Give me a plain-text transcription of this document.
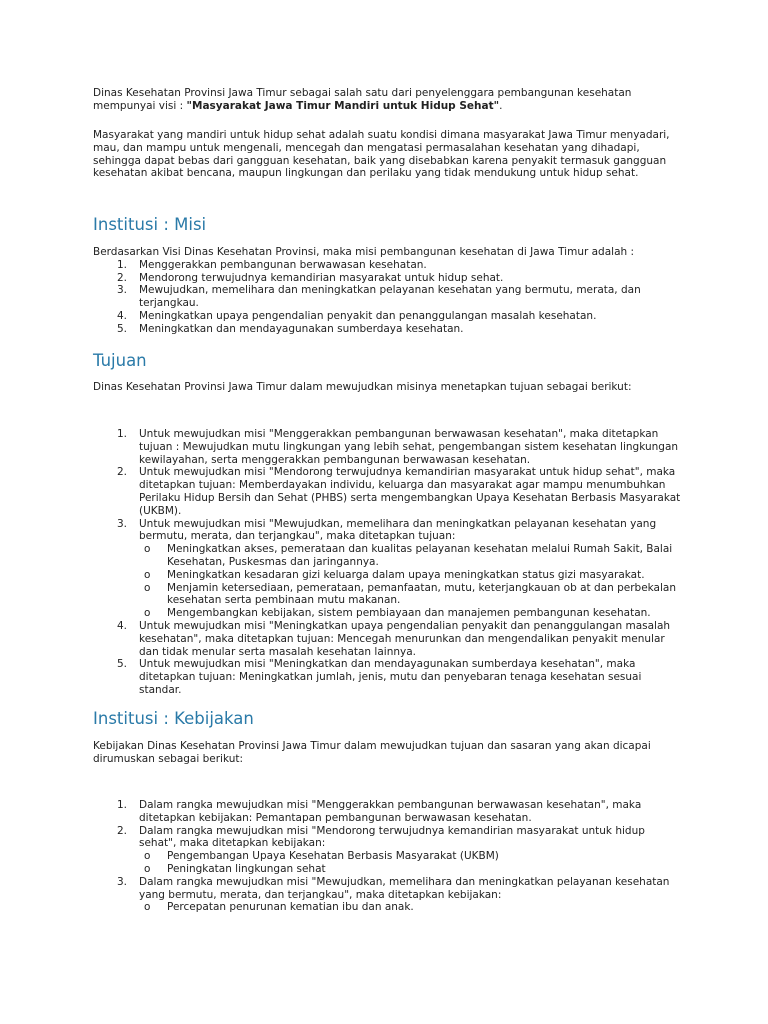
Dinas Kesehatan Provinsi Jawa Timur sebagai salah satu dari penyelenggara pembangunan kesehatan mempunyai visi : "Masyarakat Jawa Timur Mandiri untuk Hidup Sehat".

Masyarakat yang mandiri untuk hidup sehat adalah suatu kondisi dimana masyarakat Jawa Timur menyadari, mau, dan mampu untuk mengenali, mencegah dan mengatasi permasalahan kesehatan yang dihadapi, sehingga dapat bebas dari gangguan kesehatan, baik yang disebabkan karena penyakit termasuk gangguan kesehatan akibat bencana, maupun lingkungan dan perilaku yang tidak mendukung untuk hidup sehat.

Institusi : Misi

Berdasarkan Visi Dinas Kesehatan Provinsi, maka misi pembangunan kesehatan di Jawa Timur adalah :

1. Menggerakkan pembangunan berwawasan kesehatan.
2. Mendorong terwujudnya kemandirian masyarakat untuk hidup sehat.
3. Mewujudkan, memelihara dan meningkatkan pelayanan kesehatan yang bermutu, merata, dan terjangkau.
4. Meningkatkan upaya pengendalian penyakit dan penanggulangan masalah kesehatan.
5. Meningkatkan dan mendayagunakan sumberdaya kesehatan.
Tujuan

Dinas Kesehatan Provinsi Jawa Timur dalam mewujudkan misinya menetapkan tujuan sebagai berikut:

1. Untuk mewujudkan misi "Menggerakkan pembangunan berwawasan kesehatan", maka ditetapkan tujuan : Mewujudkan mutu lingkungan yang lebih sehat, pengembangan sistem kesehatan lingkungan kewilayahan, serta menggerakkan pembangunan berwawasan kesehatan.
2. Untuk mewujudkan misi "Mendorong terwujudnya kemandirian masyarakat untuk hidup sehat", maka ditetapkan tujuan: Memberdayakan individu, keluarga dan masyarakat agar mampu menumbuhkan Perilaku Hidup Bersih dan Sehat (PHBS) serta mengembangkan Upaya Kesehatan Berbasis Masyarakat (UKBM).
3. Untuk mewujudkan misi "Mewujudkan, memelihara dan meningkatkan pelayanan kesehatan yang bermutu, merata, dan terjangkau", maka ditetapkan tujuan:
o Meningkatkan akses, pemerataan dan kualitas pelayanan kesehatan melalui Rumah Sakit, Balai Kesehatan, Puskesmas dan jaringannya.
o Meningkatkan kesadaran gizi keluarga dalam upaya meningkatkan status gizi masyarakat.
o Menjamin ketersediaan, pemerataan, pemanfaatan, mutu, keterjangkauan ob at dan perbekalan kesehatan serta pembinaan mutu makanan.
o Mengembangkan kebijakan, sistem pembiayaan dan manajemen pembangunan kesehatan.
4. Untuk mewujudkan misi "Meningkatkan upaya pengendalian penyakit dan penanggulangan masalah kesehatan", maka ditetapkan tujuan: Mencegah menurunkan dan mengendalikan penyakit menular dan tidak menular serta masalah kesehatan lainnya.
5. Untuk mewujudkan misi "Meningkatkan dan mendayagunakan sumberdaya kesehatan", maka ditetapkan tujuan: Meningkatkan jumlah, jenis, mutu dan penyebaran tenaga kesehatan sesuai standar.
Institusi : Kebijakan

Kebijakan Dinas Kesehatan Provinsi Jawa Timur dalam mewujudkan tujuan dan sasaran yang akan dicapai dirumuskan sebagai berikut:

1. Dalam rangka mewujudkan misi "Menggerakkan pembangunan berwawasan kesehatan", maka ditetapkan kebijakan: Pemantapan pembangunan berwawasan kesehatan.
2. Dalam rangka mewujudkan misi "Mendorong terwujudnya kemandirian masyarakat untuk hidup sehat", maka ditetapkan kebijakan:
o Pengembangan Upaya Kesehatan Berbasis Masyarakat (UKBM)
o Peningkatan lingkungan sehat
3. Dalam rangka mewujudkan misi "Mewujudkan, memelihara dan meningkatkan pelayanan kesehatan yang bermutu, merata, dan terjangkau", maka ditetapkan kebijakan:
o Percepatan penurunan kematian ibu dan anak.
